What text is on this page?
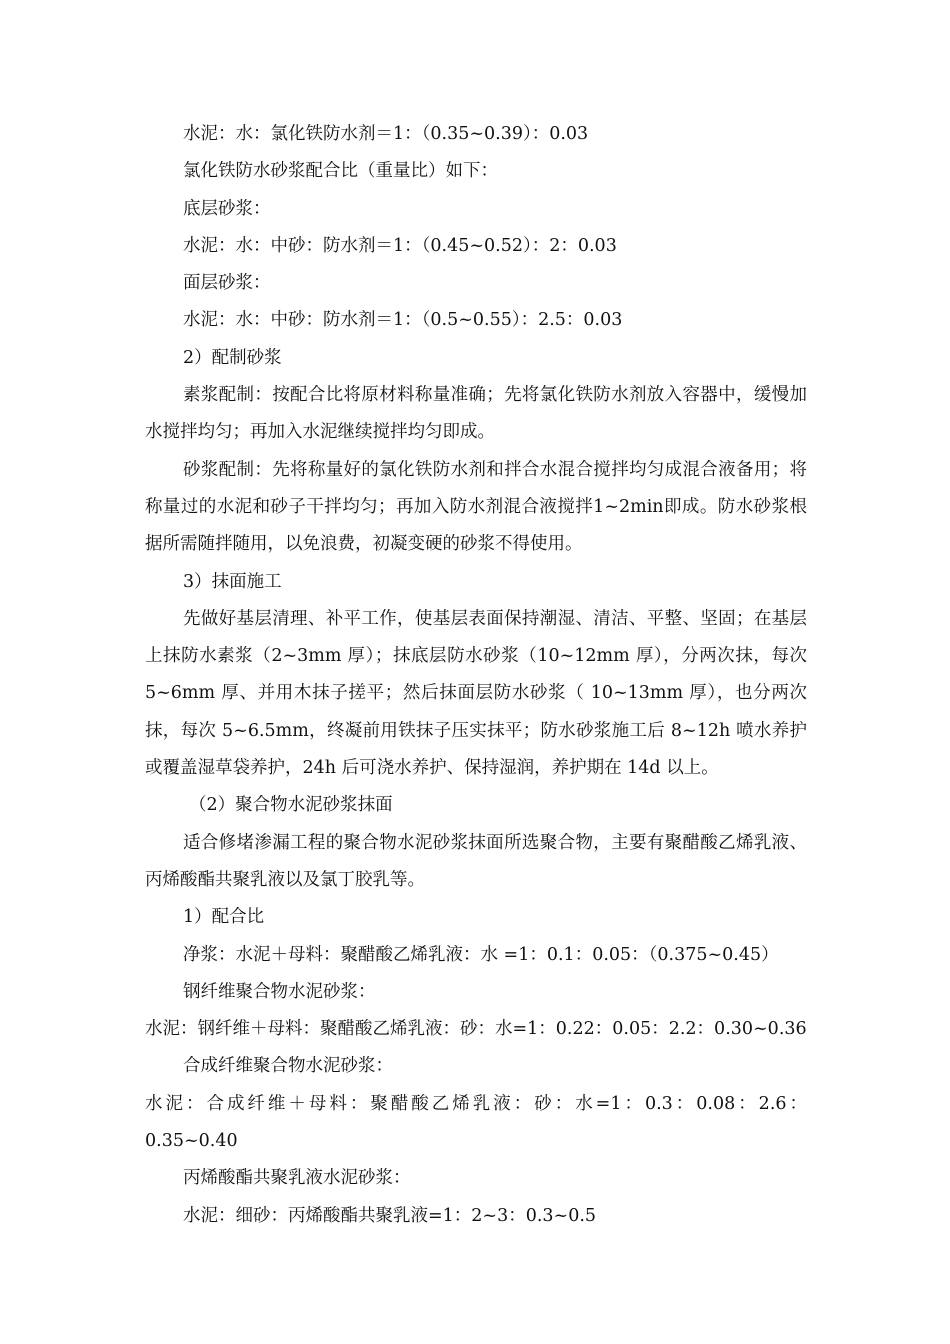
水泥：水：氯化铁防水剂＝1：（0.35~0.39）：0.03

氯化铁防水砂浆配合比（重量比）如下：

底层砂浆：

水泥：水：中砂：防水剂＝1：（0.45~0.52）：2：0.03

面层砂浆：

水泥：水：中砂：防水剂＝1：（0.5~0.55）：2.5：0.03

2）配制砂浆

素浆配制：按配合比将原材料称量准确；先将氯化铁防水剂放入容器中，缓慢加水搅拌均匀；再加入水泥继续搅拌均匀即成。

砂浆配制：先将称量好的氯化铁防水剂和拌合水混合搅拌均匀成混合液备用；将称量过的水泥和砂子干拌均匀；再加入防水剂混合液搅拌1~2min即成。防水砂浆根据所需随拌随用，以免浪费，初凝变硬的砂浆不得使用。

3）抹面施工

先做好基层清理、补平工作，使基层表面保持潮湿、清洁、平整、坚固；在基层上抹防水素浆（2~3mm 厚）；抹底层防水砂浆（10~12mm 厚），分两次抹，每次 5~6mm 厚、并用木抹子搓平；然后抹面层防水砂浆（ 10~13mm 厚），也分两次抹，每次 5~6.5mm，终凝前用铁抹子压实抹平；防水砂浆施工后 8~12h 喷水养护或覆盖湿草袋养护，24h 后可浇水养护、保持湿润，养护期在 14d 以上。

（2）聚合物水泥砂浆抹面

适合修堵渗漏工程的聚合物水泥砂浆抹面所选聚合物，主要有聚醋酸乙烯乳液、丙烯酸酯共聚乳液以及氯丁胶乳等。

1）配合比

净浆：水泥＋母料：聚醋酸乙烯乳液：水 =1：0.1：0.05：（0.375~0.45）

钢纤维聚合物水泥砂浆：

水泥：钢纤维＋母料：聚醋酸乙烯乳液：砂：水=1：0.22：0.05：2.2：0.30~0.36

合成纤维聚合物水泥砂浆：

水泥：合成纤维＋母料：聚醋酸乙烯乳液：砂：水=1：0.3：0.08：2.6：0.35~0.40

丙烯酸酯共聚乳液水泥砂浆：

水泥：细砂：丙烯酸酯共聚乳液=1：2~3：0.3~0.5
